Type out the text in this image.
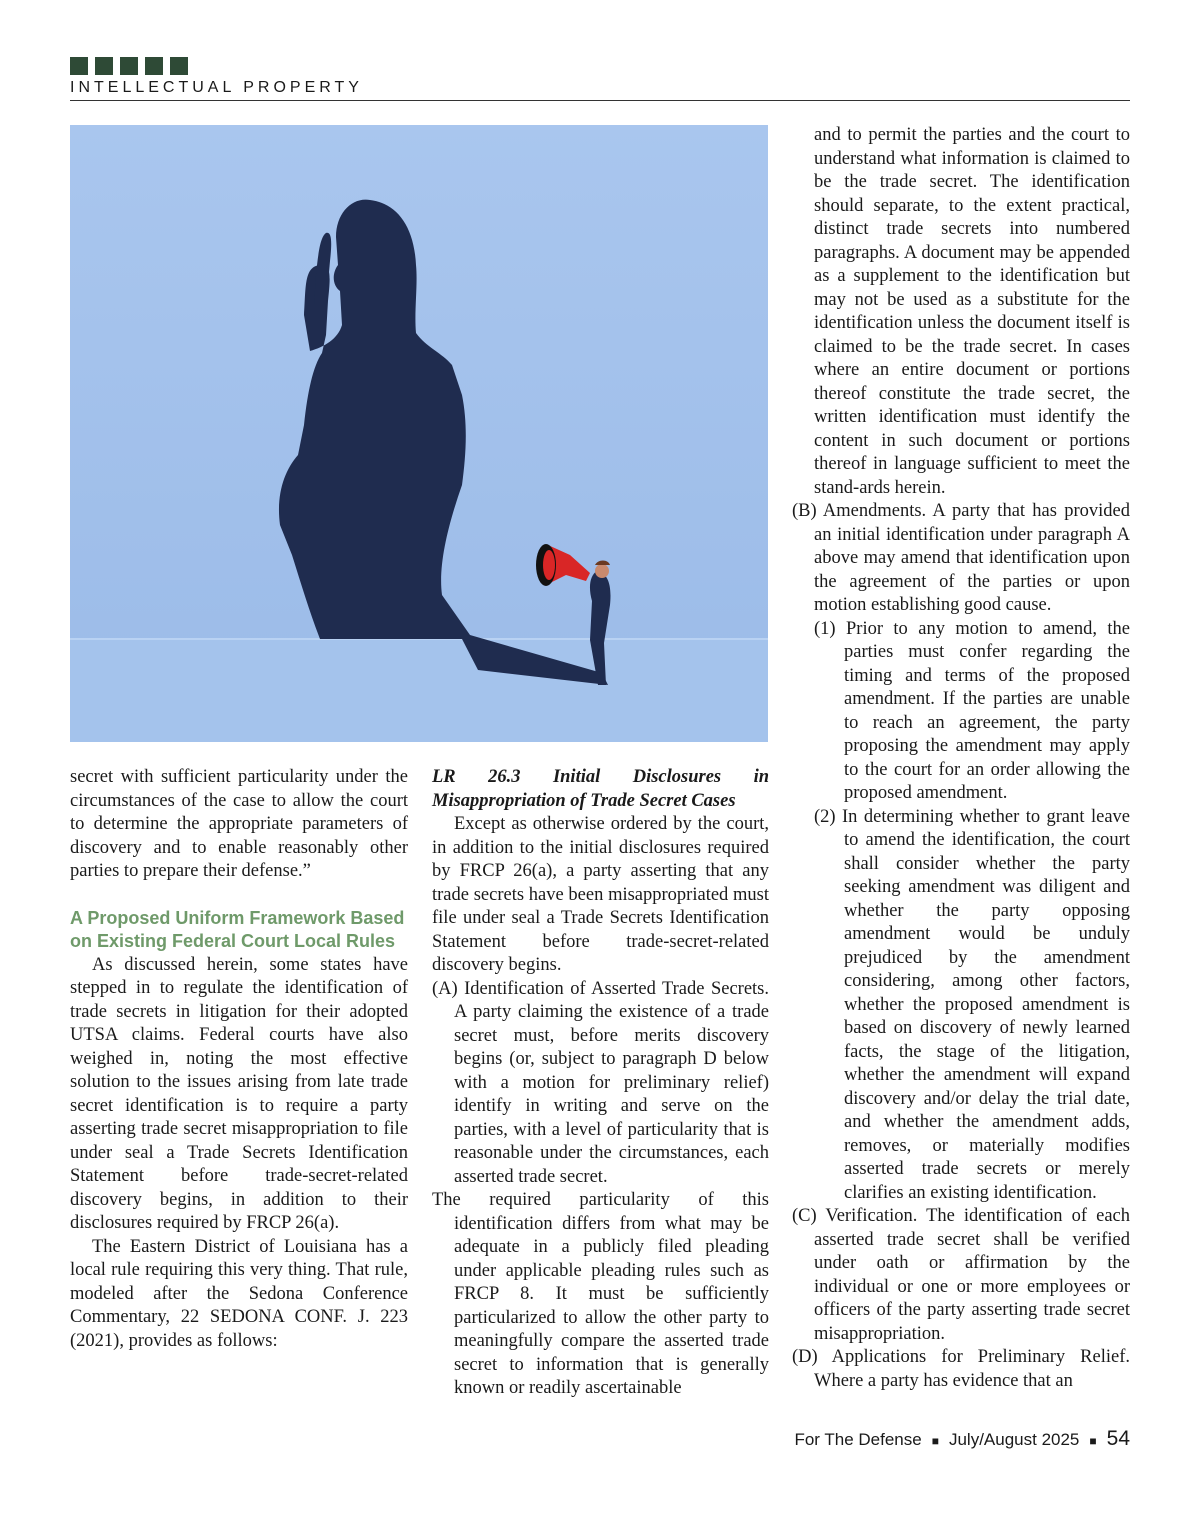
INTELLECTUAL PROPERTY

secret with sufficient particularity under the circumstances of the case to allow the court to determine the appropriate parameters of discovery and to enable reasonably other parties to prepare their defense.”

A Proposed Uniform Framework Based on Existing Federal Court Local Rules

As discussed herein, some states have stepped in to regulate the identification of trade secrets in litigation for their adopted UTSA claims. Federal courts have also weighed in, noting the most effective solution to the issues arising from late trade secret identification is to require a party asserting trade secret misappropriation to file under seal a Trade Secrets Identification Statement before trade-secret-related discovery begins, in addition to their disclosures required by FRCP 26(a).

The Eastern District of Louisiana has a local rule requiring this very thing. That rule, modeled after the Sedona Conference Commentary, 22 SEDONA CONF. J. 223 (2021), provides as follows:

LR 26.3 Initial Disclosures in Misappropriation of Trade Secret Cases

Except as otherwise ordered by the court, in addition to the initial disclosures required by FRCP 26(a), a party asserting that any trade secrets have been misappropriated must file under seal a Trade Secrets Identification Statement before trade-secret-related discovery begins.

(A) Identification of Asserted Trade Secrets. A party claiming the existence of a trade secret must, before merits discovery begins (or, subject to paragraph D below with a motion for preliminary relief) identify in writing and serve on the parties, with a level of particularity that is reasonable under the circumstances, each asserted trade secret.

The required particularity of this identification differs from what may be adequate in a publicly filed pleading under applicable pleading rules such as FRCP 8. It must be sufficiently particularized to allow the other party to meaningfully compare the asserted trade secret to information that is generally known or readily ascertainable

and to permit the parties and the court to understand what information is claimed to be the trade secret. The identification should separate, to the extent practical, distinct trade secrets into numbered paragraphs. A document may be appended as a supplement to the identification but may not be used as a substitute for the identification unless the document itself is claimed to be the trade secret. In cases where an entire document or portions thereof constitute the trade secret, the written identification must identify the content in such document or portions thereof in language sufficient to meet the stand-ards herein.

(B) Amendments. A party that has provided an initial identification under paragraph A above may amend that identification upon the agreement of the parties or upon motion establishing good cause.

(1) Prior to any motion to amend, the parties must confer regarding the timing and terms of the proposed amendment. If the parties are unable to reach an agreement, the party proposing the amendment may apply to the court for an order allowing the proposed amendment.

(2) In determining whether to grant leave to amend the identification, the court shall consider whether the party seeking amendment was diligent and whether the party opposing amendment would be unduly prejudiced by the amendment considering, among other factors, whether the proposed amendment is based on discovery of newly learned facts, the stage of the litigation, whether the amendment will expand discovery and/or delay the trial date, and whether the amendment adds, removes, or materially modifies asserted trade secrets or merely clarifies an existing identification.

(C) Verification. The identification of each asserted trade secret shall be verified under oath or affirmation by the individual or one or more employees or officers of the party asserting trade secret misappropriation.

(D) Applications for Preliminary Relief. Where a party has evidence that an

For The Defense ■ July/August 2025 ■ 54
